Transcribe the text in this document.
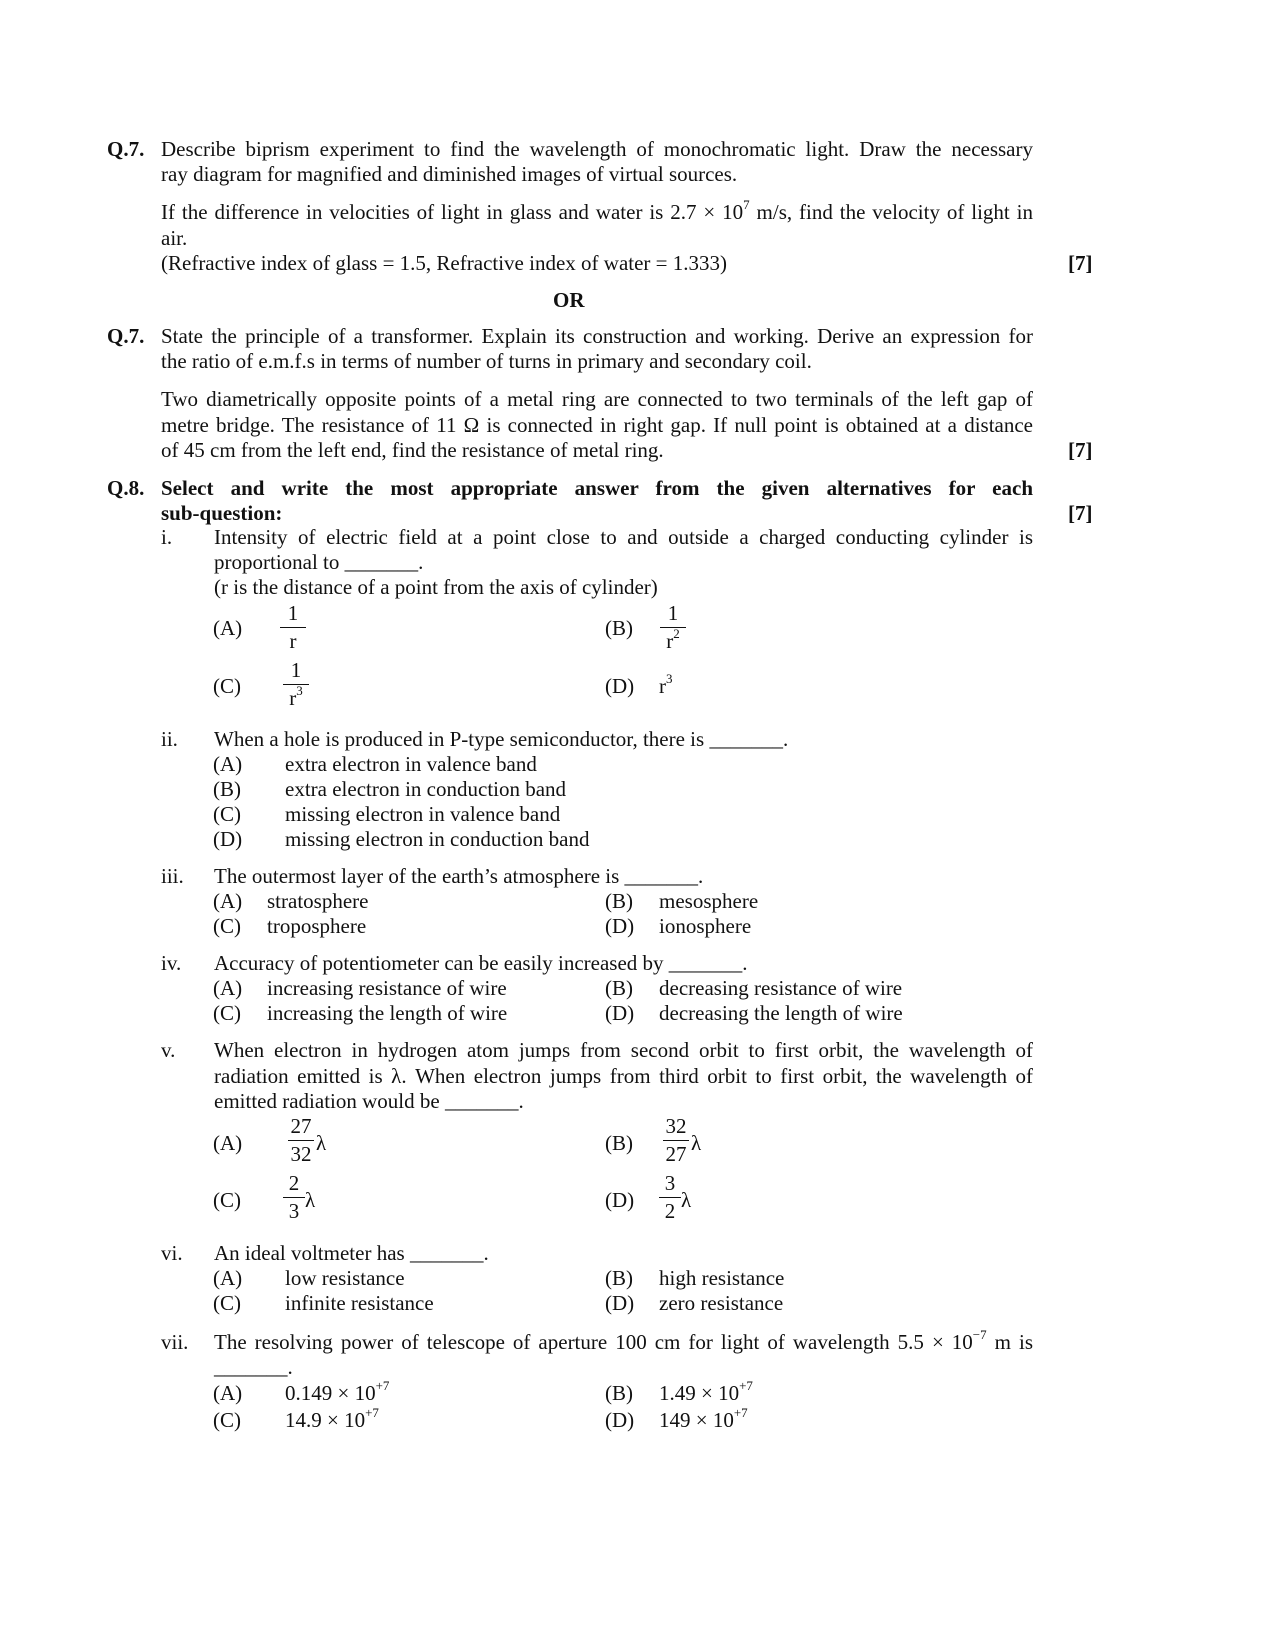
Q.7. Describe biprism experiment to find the wavelength of monochromatic light. Draw the necessary
ray diagram for magnified and diminished images of virtual sources.
If the difference in velocities of light in glass and water is $2.7 \times 10^7$ m/s, find the velocity of light in
air.
(Refractive index of glass = 1.5, Refractive index of water = 1.333)	[7]
OR
Q.7. State the principle of a transformer. Explain its construction and working. Derive an expression for
the ratio of e.m.f.s in terms of number of turns in primary and secondary coil.
Two diametrically opposite points of a metal ring are connected to two terminals of the left gap of
metre bridge. The resistance of 11 Ω is connected in right gap. If null point is obtained at a distance
of 45 cm from the left end, find the resistance of metal ring.	[7]
Q.8. Select and write the most appropriate answer from the given alternatives for each
sub-question:	[7]
i. Intensity of electric field at a point close to and outside a charged conducting cylinder is
proportional to _______.
(r is the distance of a point from the axis of cylinder)
(A)
1
r
(B)
1
$r^2$
(C)
1
$r^3$	(D) $r^3$
ii. When a hole is produced in P-type semiconductor, there is _______.
(A) extra electron in valence band
(B) extra electron in conduction band
(C) missing electron in valence band
(D) missing electron in conduction band
iii. The outermost layer of the earth’s atmosphere is _______.
(A) stratosphere	(B) mesosphere
(C) troposphere	(D) ionosphere
iv. Accuracy of potentiometer can be easily increased by _______.
(A) increasing resistance of wire	(B) decreasing resistance of wire
(C) increasing the length of wire	(D) decreasing the length of wire
v. When electron in hydrogen atom jumps from second orbit to first orbit, the wavelength of
radiation emitted is λ. When electron jumps from third orbit to first orbit, the wavelength of
emitted radiation would be _______.
(A)
27
32 λ	(B)
32
27 λ
(C)
2
3 λ	(D)
3
2 λ
vi. An ideal voltmeter has _______.
(A) low resistance	(B) high resistance
(C) infinite resistance	(D) zero resistance
vii. The resolving power of telescope of aperture 100 cm for light of wavelength $5.5 \times 10^{-7}$ m is
_______.
(A) $0.149 \times 10^{+7}$	(B) $1.49 \times 10^{+7}$
(C) $14.9 \times 10^{+7}$	(D) $149 \times 10^{+7}$
